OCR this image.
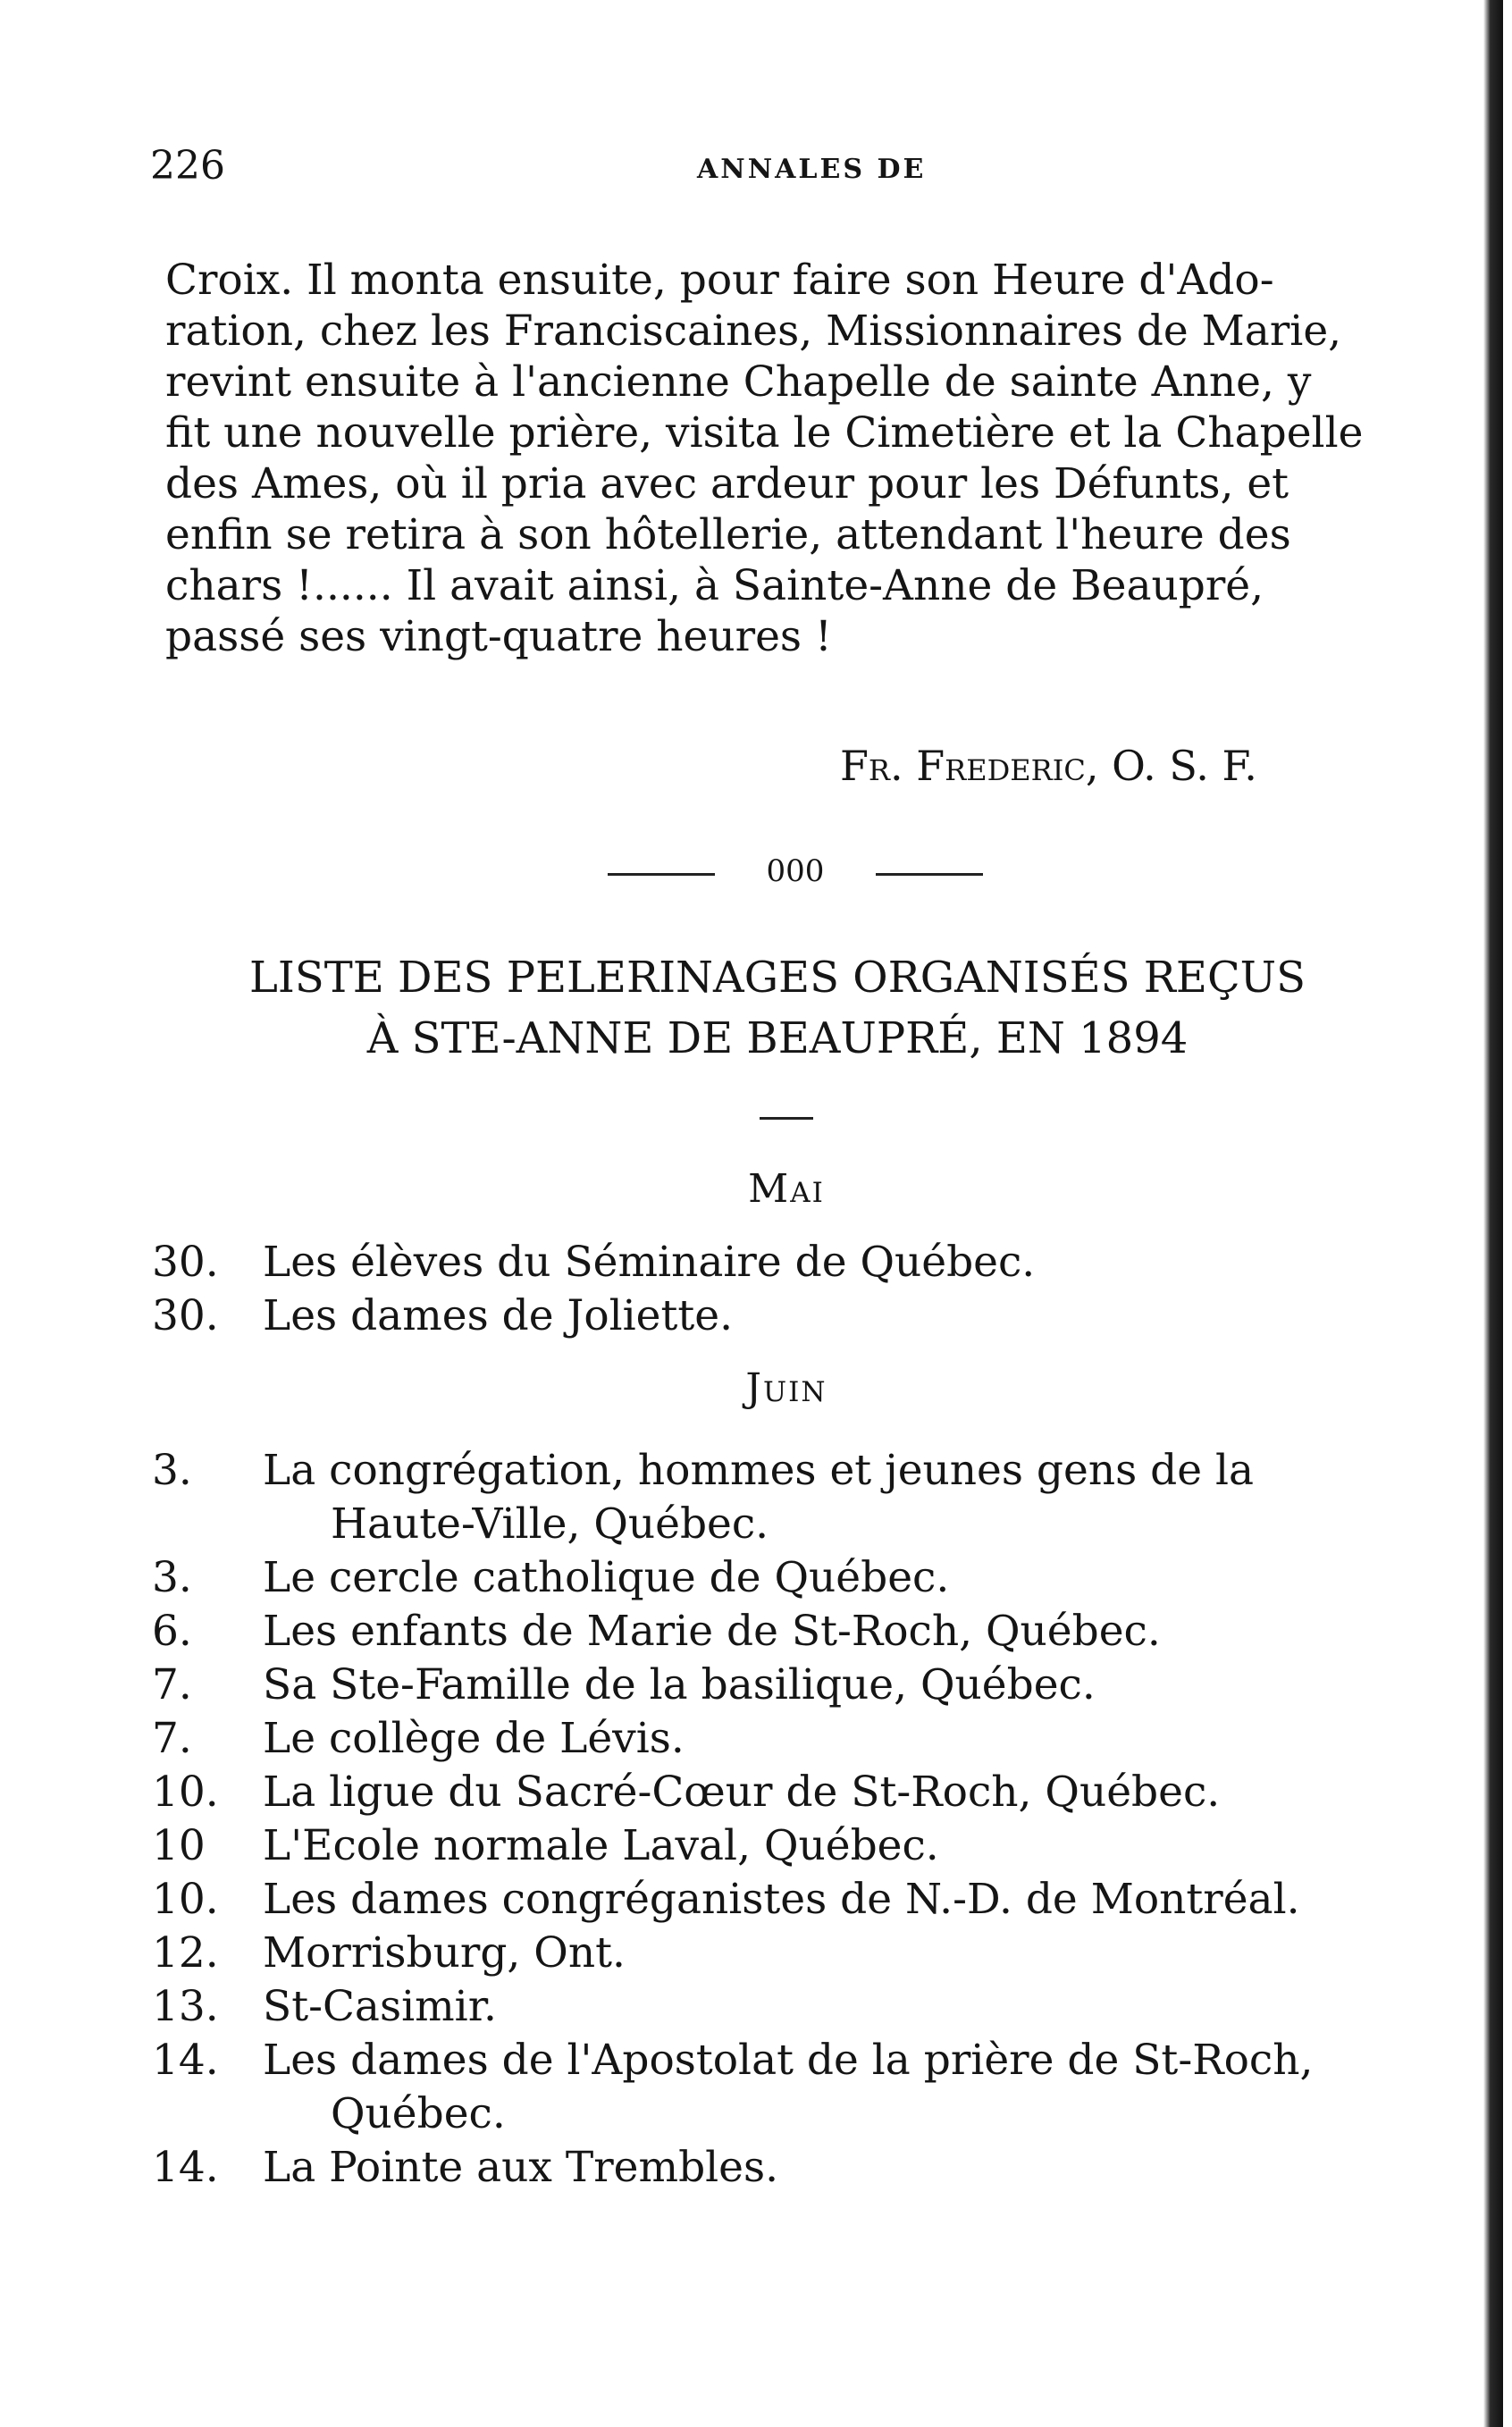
226	ANNALES DE
Croix. Il monta ensuite, pour faire son Heure d'Ado-
ration, chez les Franciscaines, Missionnaires de Marie,
revint ensuite à l'ancienne Chapelle de sainte Anne, y
fit une nouvelle prière, visita le Cimetière et la Chapelle
des Ames, où il pria avec ardeur pour les Défunts, et
enfin se retira à son hôtellerie, attendant l'heure des
chars !...... Il avait ainsi, à Sainte-Anne de Beaupré,
passé ses vingt-quatre heures !
Fr. Frederic, O. S. F.
000
LISTE DES PELERINAGES ORGANISÉS REÇUS
À STE-ANNE DE BEAUPRÉ, EN 1894
Mai
30.	Les élèves du Séminaire de Québec.
30.	Les dames de Joliette.
Juin
3.	La congrégation, hommes et jeunes gens de la
Haute-Ville, Québec.
3.	Le cercle catholique de Québec.
6.	Les enfants de Marie de St-Roch, Québec.
7.	Sa Ste-Famille de la basilique, Québec.
7.	Le collège de Lévis.
10.	La ligue du Sacré-Cœur de St-Roch, Québec.
10	L'Ecole normale Laval, Québec.
10.	Les dames congréganistes de N.-D. de Montréal.
12.	Morrisburg, Ont.
13.	St-Casimir.
14.	Les dames de l'Apostolat de la prière de St-Roch,
Québec.
14.	La Pointe aux Trembles.
